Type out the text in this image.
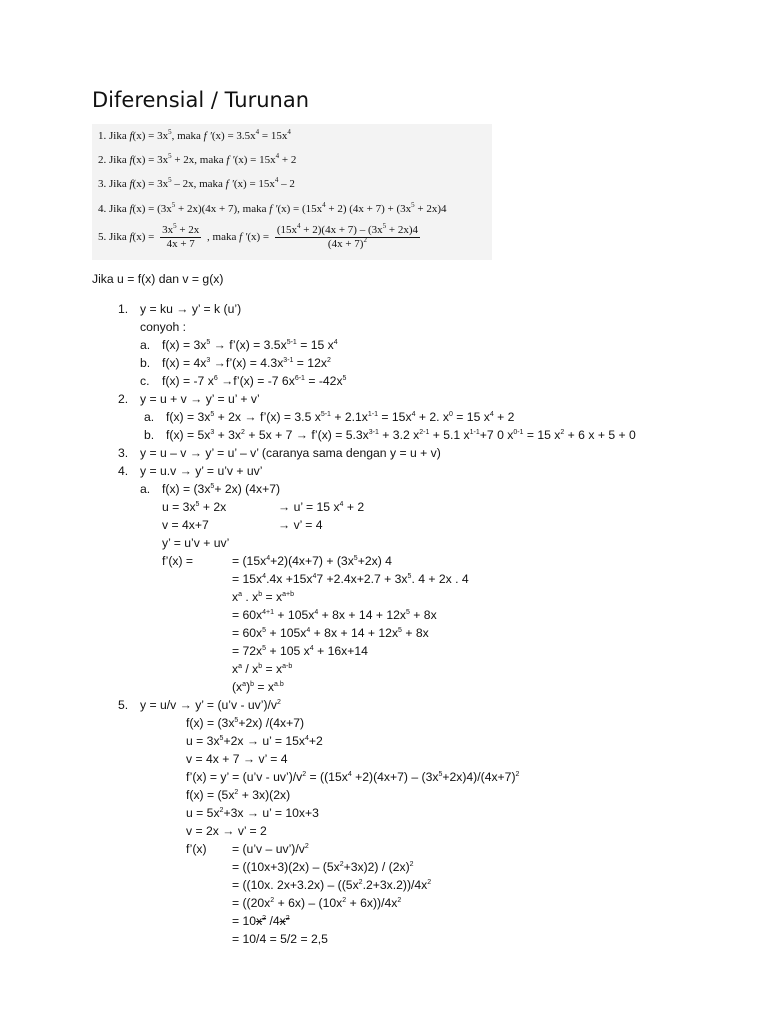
Diferensial / Turunan
1. Jika $f(x) = 3x^5$, maka f $'(x) = 3.5x^4 = 15x^4$
2. Jika $f(x) = 3x^5 + 2x$, maka f $'(x) = 15x^4 + 2$
3. Jika $f(x) = 3x^5 - 2x$, maka f $'(x) = 15x^4 - 2$
4. Jika $f(x) = (3x^5 + 2x)(4x + 7)$, maka f $'(x) = (15x^4 + 2) (4x + 7) + (3x^5 + 2x)4$
5. Jika $f(x) = \frac{3x^5 + 2x}{4x + 7}$ , maka f $'(x) = \frac{(15x^4 + 2)(4x + 7) - (3x^5 + 2x)4}{(4x + 7)^2}$
Jika u = f(x) dan v = g(x)
1. y = ku → y’ = k (u’)
conyoh :
a. $f(x) = 3x^5$ → f’(x) = $3.5x^{5-1} = 15$ $x^4$
b. $f(x) = 4x^3$ →f’(x) = $4.3x^{3-1} = 12x^2$
c. f(x) = -7 $x^6$ →f’(x) = -7 $6x^{6-1} = -42x^5$
2. y = u + v → y’ = u’ + v’
a. $f(x) = 3x^5 + 2x$ → f’(x) = 3.5 $x^{5-1} + 2.1x^{1-1} = 15x^4 + 2$. $x^0 = 15$ $x^4 + 2$
b. $f(x) = 5x^3 + 3x^2 + 5x + 7$ → f’(x) = $5.3x^{3-1} + 3.2$ $x^{2-1} + 5.1$ $x^{1-1}+7$ 0 $x^{0-1} = 15$ $x^2 + 6$ x + 5 + 0
3. y = u – v → y’ = u’ – v’ (caranya sama dengan y = u + v)
4. y = u.v → y’ = u’v + uv’
a. $f(x) = (3x^5+ 2x)$ (4x+7)
$u = 3x^5 + 2x$	→ u’ = 15 $x^4 + 2$
v = 4x+7	→ v’ = 4
y’ = u’v + uv’
f’(x) =	= $(15x^4+2)(4x+7) + (3x^5+2x)$ 4
= $15x^4.4x +15x^47 +2.4x+2.7 + 3x^5$. 4 + 2x . 4
$x^a$ . $x^b = x^{a+b}$
= $60x^{4+1} + 105x^4 + 8x + 14 + 12x^5 + 8x$
= $60x^5 + 105x^4 + 8x + 14 + 12x^5 + 8x$
= $72x^5 + 105$ $x^4 + 16x+14$
$x^a / x^b = x^{a-b}$
$(x^a)^b = x^{a.b}$
5. y = u/v → y’ = (u’v - $uv’)/v^2$
$f(x) = (3x^5+2x)$ /(4x+7)
$u = 3x^5+2x \to u$’ = $15x^4+2$
v = 4x + 7 → v’ = 4
f’(x) = y’ = (u’v - $uv’)/v^2 = ((15x^4 +2)(4x+7) - (3x^5+2x)4)/(4x+7)^2$
$f(x) = (5x^2 + 3x)(2x)$
$u = 5x^2+3x \to u$’ = 10x+3
v = 2x → v’ = 2
f’(x) = (u’v – $uv’)/v^2$
= $((10x+3)(2x) - (5x^2+3x)2) / (2x)^2$
= ((10x. $2x+3.2x) - ((5x^2.2+3x.2))/4x^2$
= $((20x^2 + 6x) - (10x^2 + 6x))/4x^2$
= $10x^2$ $/4x^2$
= 10/4 = 5/2 = 2,5
